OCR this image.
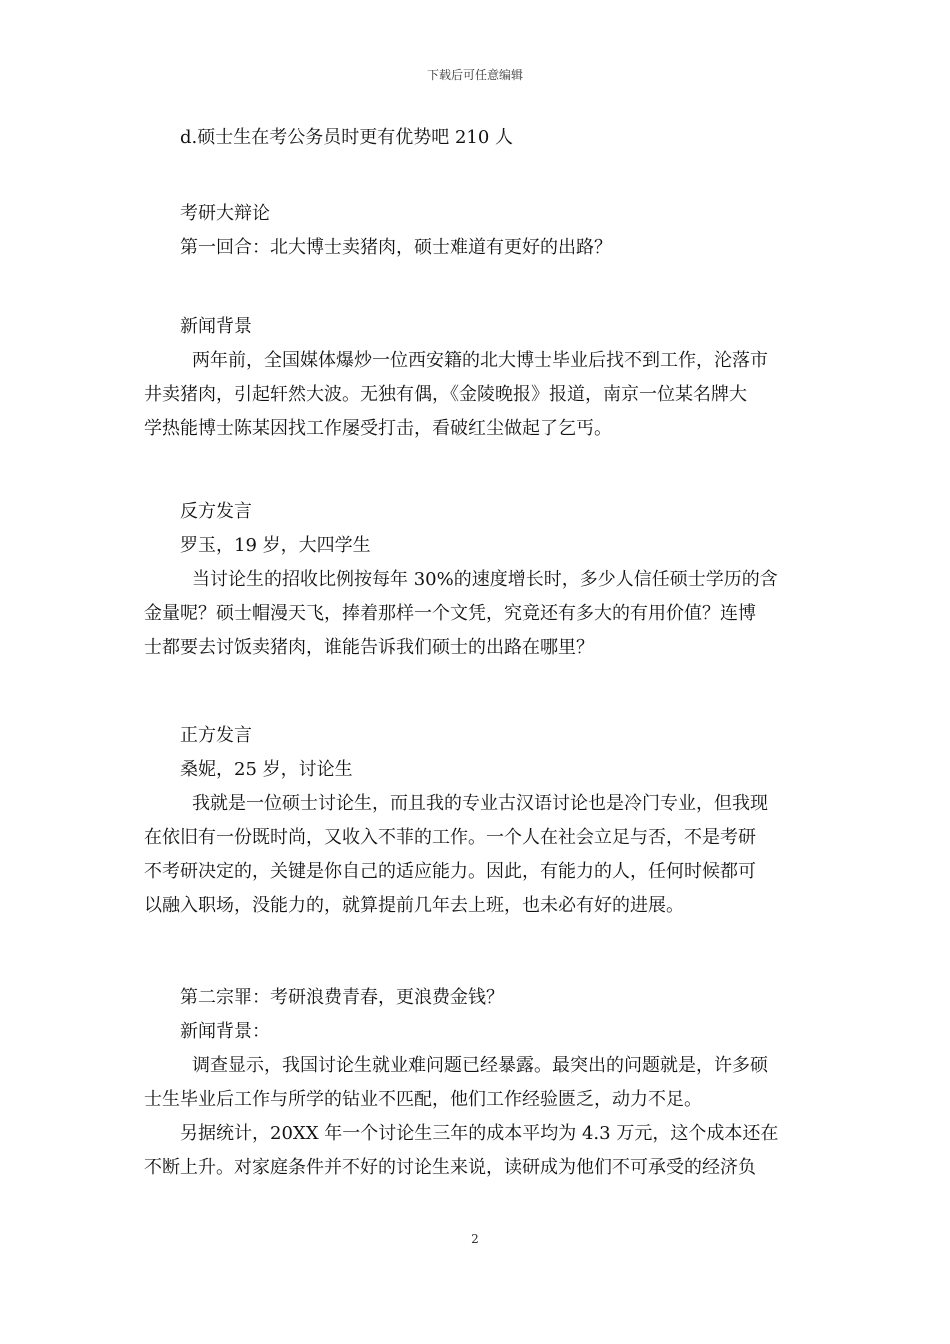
下载后可任意编辑
d.硕士生在考公务员时更有优势吧 210 人
考研大辩论
第一回合：北大博士卖猪肉，硕士难道有更好的出路？
新闻背景
两年前，全国媒体爆炒一位西安籍的北大博士毕业后找不到工作，沦落市
井卖猪肉，引起轩然大波。无独有偶，《金陵晚报》报道，南京一位某名牌大
学热能博士陈某因找工作屡受打击，看破红尘做起了乞丐。
反方发言
罗玉，19 岁，大四学生
当讨论生的招收比例按每年 30%的速度增长时，多少人信任硕士学历的含
金量呢？硕士帽漫天飞，捧着那样一个文凭，究竟还有多大的有用价值？连博
士都要去讨饭卖猪肉，谁能告诉我们硕士的出路在哪里？
正方发言
桑妮，25 岁，讨论生
我就是一位硕士讨论生，而且我的专业古汉语讨论也是冷门专业，但我现
在依旧有一份既时尚，又收入不菲的工作。一个人在社会立足与否，不是考研
不考研决定的，关键是你自己的适应能力。因此，有能力的人，任何时候都可
以融入职场，没能力的，就算提前几年去上班，也未必有好的进展。
第二宗罪：考研浪费青春，更浪费金钱？
新闻背景：
调查显示，我国讨论生就业难问题已经暴露。最突出的问题就是，许多硕
士生毕业后工作与所学的钻业不匹配，他们工作经验匮乏，动力不足。
另据统计，20XX 年一个讨论生三年的成本平均为 4.3 万元，这个成本还在
不断上升。对家庭条件并不好的讨论生来说，读研成为他们不可承受的经济负
2
